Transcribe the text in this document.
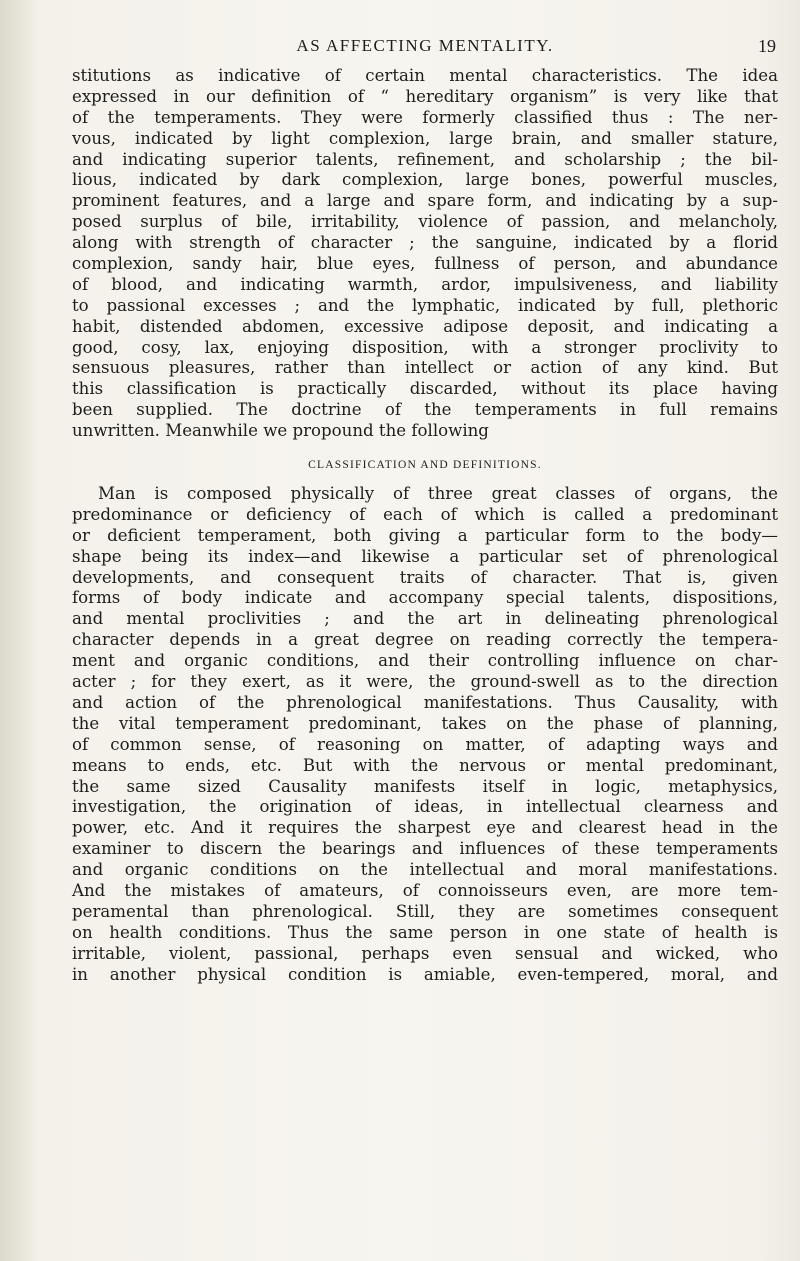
AS AFFECTING MENTALITY.	19
stitutions as indicative of certain mental characteristics. The idea
expressed in our definition of “ hereditary organism” is very like that
of the temperaments. They were formerly classified thus : The ner-
vous, indicated by light complexion, large brain, and smaller stature,
and indicating superior talents, refinement, and scholarship ; the bil-
lious, indicated by dark complexion, large bones, powerful muscles,
prominent features, and a large and spare form, and indicating by a sup-
posed surplus of bile, irritability, violence of passion, and melancholy,
along with strength of character ; the sanguine, indicated by a florid
complexion, sandy hair, blue eyes, fullness of person, and abundance
of blood, and indicating warmth, ardor, impulsiveness, and liability
to passional excesses ; and the lymphatic, indicated by full, plethoric
habit, distended abdomen, excessive adipose deposit, and indicating a
good, cosy, lax, enjoying disposition, with a stronger proclivity to
sensuous pleasures, rather than intellect or action of any kind. But
this classification is practically discarded, without its place having
been supplied. The doctrine of the temperaments in full remains
unwritten. Meanwhile we propound the following
CLASSIFICATION AND DEFINITIONS.
Man is composed physically of three great classes of organs, the
predominance or deficiency of each of which is called a predominant
or deficient temperament, both giving a particular form to the body—
shape being its index—and likewise a particular set of phrenological
developments, and consequent traits of character. That is, given
forms of body indicate and accompany special talents, dispositions,
and mental proclivities ; and the art in delineating phrenological
character depends in a great degree on reading correctly the tempera-
ment and organic conditions, and their controlling influence on char-
acter ; for they exert, as it were, the ground-swell as to the direction
and action of the phrenological manifestations. Thus Causality, with
the vital temperament predominant, takes on the phase of planning,
of common sense, of reasoning on matter, of adapting ways and
means to ends, etc. But with the nervous or mental predominant,
the same sized Causality manifests itself in logic, metaphysics,
investigation, the origination of ideas, in intellectual clearness and
power, etc. And it requires the sharpest eye and clearest head in the
examiner to discern the bearings and influences of these temperaments
and organic conditions on the intellectual and moral manifestations.
And the mistakes of amateurs, of connoisseurs even, are more tem-
peramental than phrenological. Still, they are sometimes consequent
on health conditions. Thus the same person in one state of health is
irritable, violent, passional, perhaps even sensual and wicked, who
in another physical condition is amiable, even-tempered, moral, and
